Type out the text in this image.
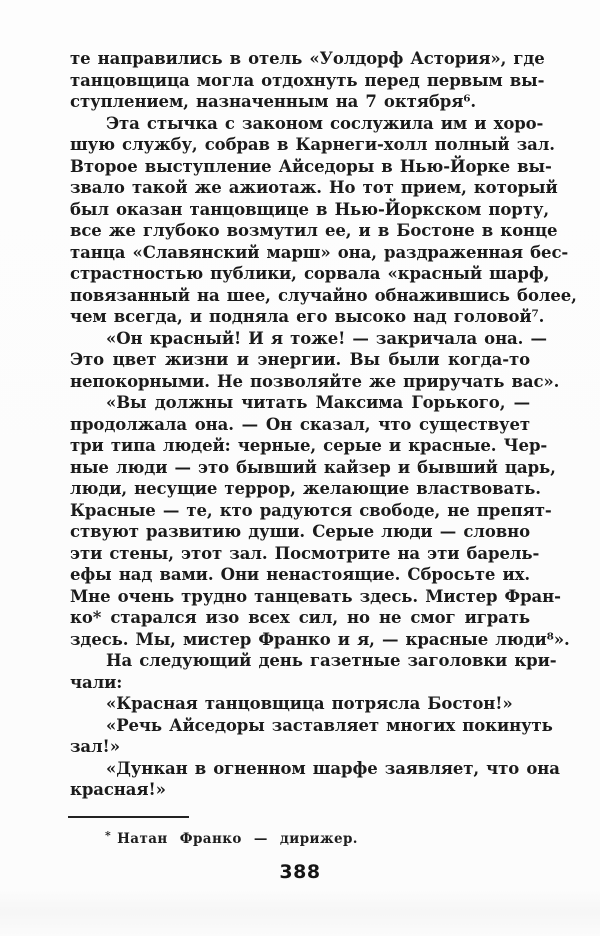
те направились в отель «Уолдорф Астория», где
танцовщица могла отдохнуть перед первым вы-
ступлением, назначенным на 7 октября⁶.
Эта стычка с законом сослужила им и хоро-
шую службу, собрав в Карнеги-холл полный зал.
Второе выступление Айседоры в Нью-Йорке вы-
звало такой же ажиотаж. Но тот прием, который
был оказан танцовщице в Нью-Йоркском порту,
все же глубоко возмутил ее, и в Бостоне в конце
танца «Славянский марш» она, раздраженная бес-
страстностью публики, сорвала «красный шарф,
повязанный на шее, случайно обнажившись более,
чем всегда, и подняла его высоко над головой⁷.
«Он красный! И я тоже! — закричала она. —
Это цвет жизни и энергии. Вы были когда-то
непокорными. Не позволяйте же приручать вас».
«Вы должны читать Максима Горького, —
продолжала она. — Он сказал, что существует
три типа людей: черные, серые и красные. Чер-
ные люди — это бывший кайзер и бывший царь,
люди, несущие террор, желающие властвовать.
Красные — те, кто радуются свободе, не препят-
ствуют развитию души. Серые люди — словно
эти стены, этот зал. Посмотрите на эти барель-
ефы над вами. Они ненастоящие. Сбросьте их.
Мне очень трудно танцевать здесь. Мистер Фран-
ко* старался изо всех сил, но не смог играть
здесь. Мы, мистер Франко и я, — красные люди⁸».
На следующий день газетные заголовки кри-
чали:
«Красная танцовщица потрясла Бостон!»
«Речь Айседоры заставляет многих покинуть
зал!»
«Дункан в огненном шарфе заявляет, что она
красная!»
* Натан Франко — дирижер.
388
